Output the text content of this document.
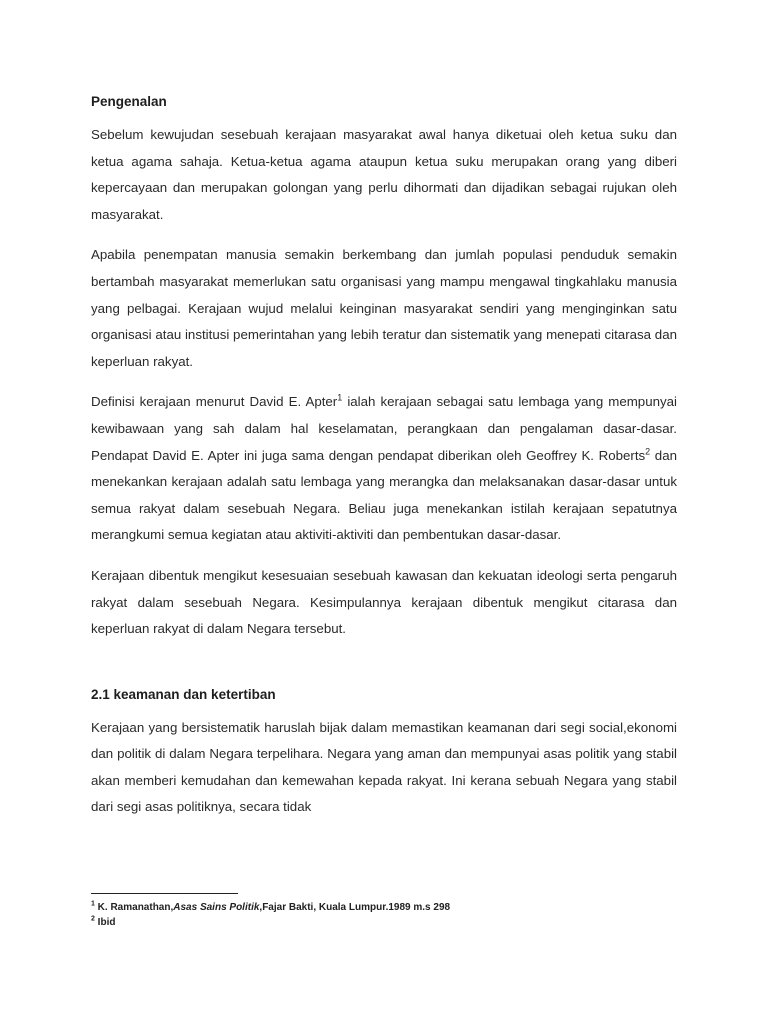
Pengenalan

Sebelum kewujudan sesebuah kerajaan masyarakat awal hanya diketuai oleh ketua suku dan ketua agama sahaja. Ketua-ketua agama ataupun ketua suku merupakan orang yang diberi kepercayaan dan merupakan golongan yang perlu dihormati dan dijadikan sebagai rujukan oleh masyarakat.

Apabila penempatan manusia semakin berkembang dan jumlah populasi penduduk semakin bertambah masyarakat memerlukan satu organisasi yang mampu mengawal tingkahlaku manusia yang pelbagai. Kerajaan wujud melalui keinginan masyarakat sendiri yang menginginkan satu organisasi atau institusi pemerintahan yang lebih teratur dan sistematik yang menepati citarasa dan keperluan rakyat.

Definisi kerajaan menurut David E. Apter$^1$ ialah kerajaan sebagai satu lembaga yang mempunyai kewibawaan yang sah dalam hal keselamatan, perangkaan dan pengalaman dasar-dasar. Pendapat David E. Apter ini juga sama dengan pendapat diberikan oleh Geoffrey K. Roberts$^2$ dan menekankan kerajaan adalah satu lembaga yang merangka dan melaksanakan dasar-dasar untuk semua rakyat dalam sesebuah Negara. Beliau juga menekankan istilah kerajaan sepatutnya merangkumi semua kegiatan atau aktiviti-aktiviti dan pembentukan dasar-dasar.

Kerajaan dibentuk mengikut kesesuaian sesebuah kawasan dan kekuatan ideologi serta pengaruh rakyat dalam sesebuah Negara. Kesimpulannya kerajaan dibentuk mengikut citarasa dan keperluan rakyat di dalam Negara tersebut.

2.1 keamanan dan ketertiban

Kerajaan yang bersistematik haruslah bijak dalam memastikan keamanan dari segi social,ekonomi dan politik di dalam Negara terpelihara. Negara yang aman dan mempunyai asas politik yang stabil akan memberi kemudahan dan kemewahan kepada rakyat. Ini kerana sebuah Negara yang stabil dari segi asas politiknya, secara tidak

$^1$ K. Ramanathan,Asas Sains Politik,Fajar Bakti, Kuala Lumpur.1989 m.s 298

$^2$ Ibid
